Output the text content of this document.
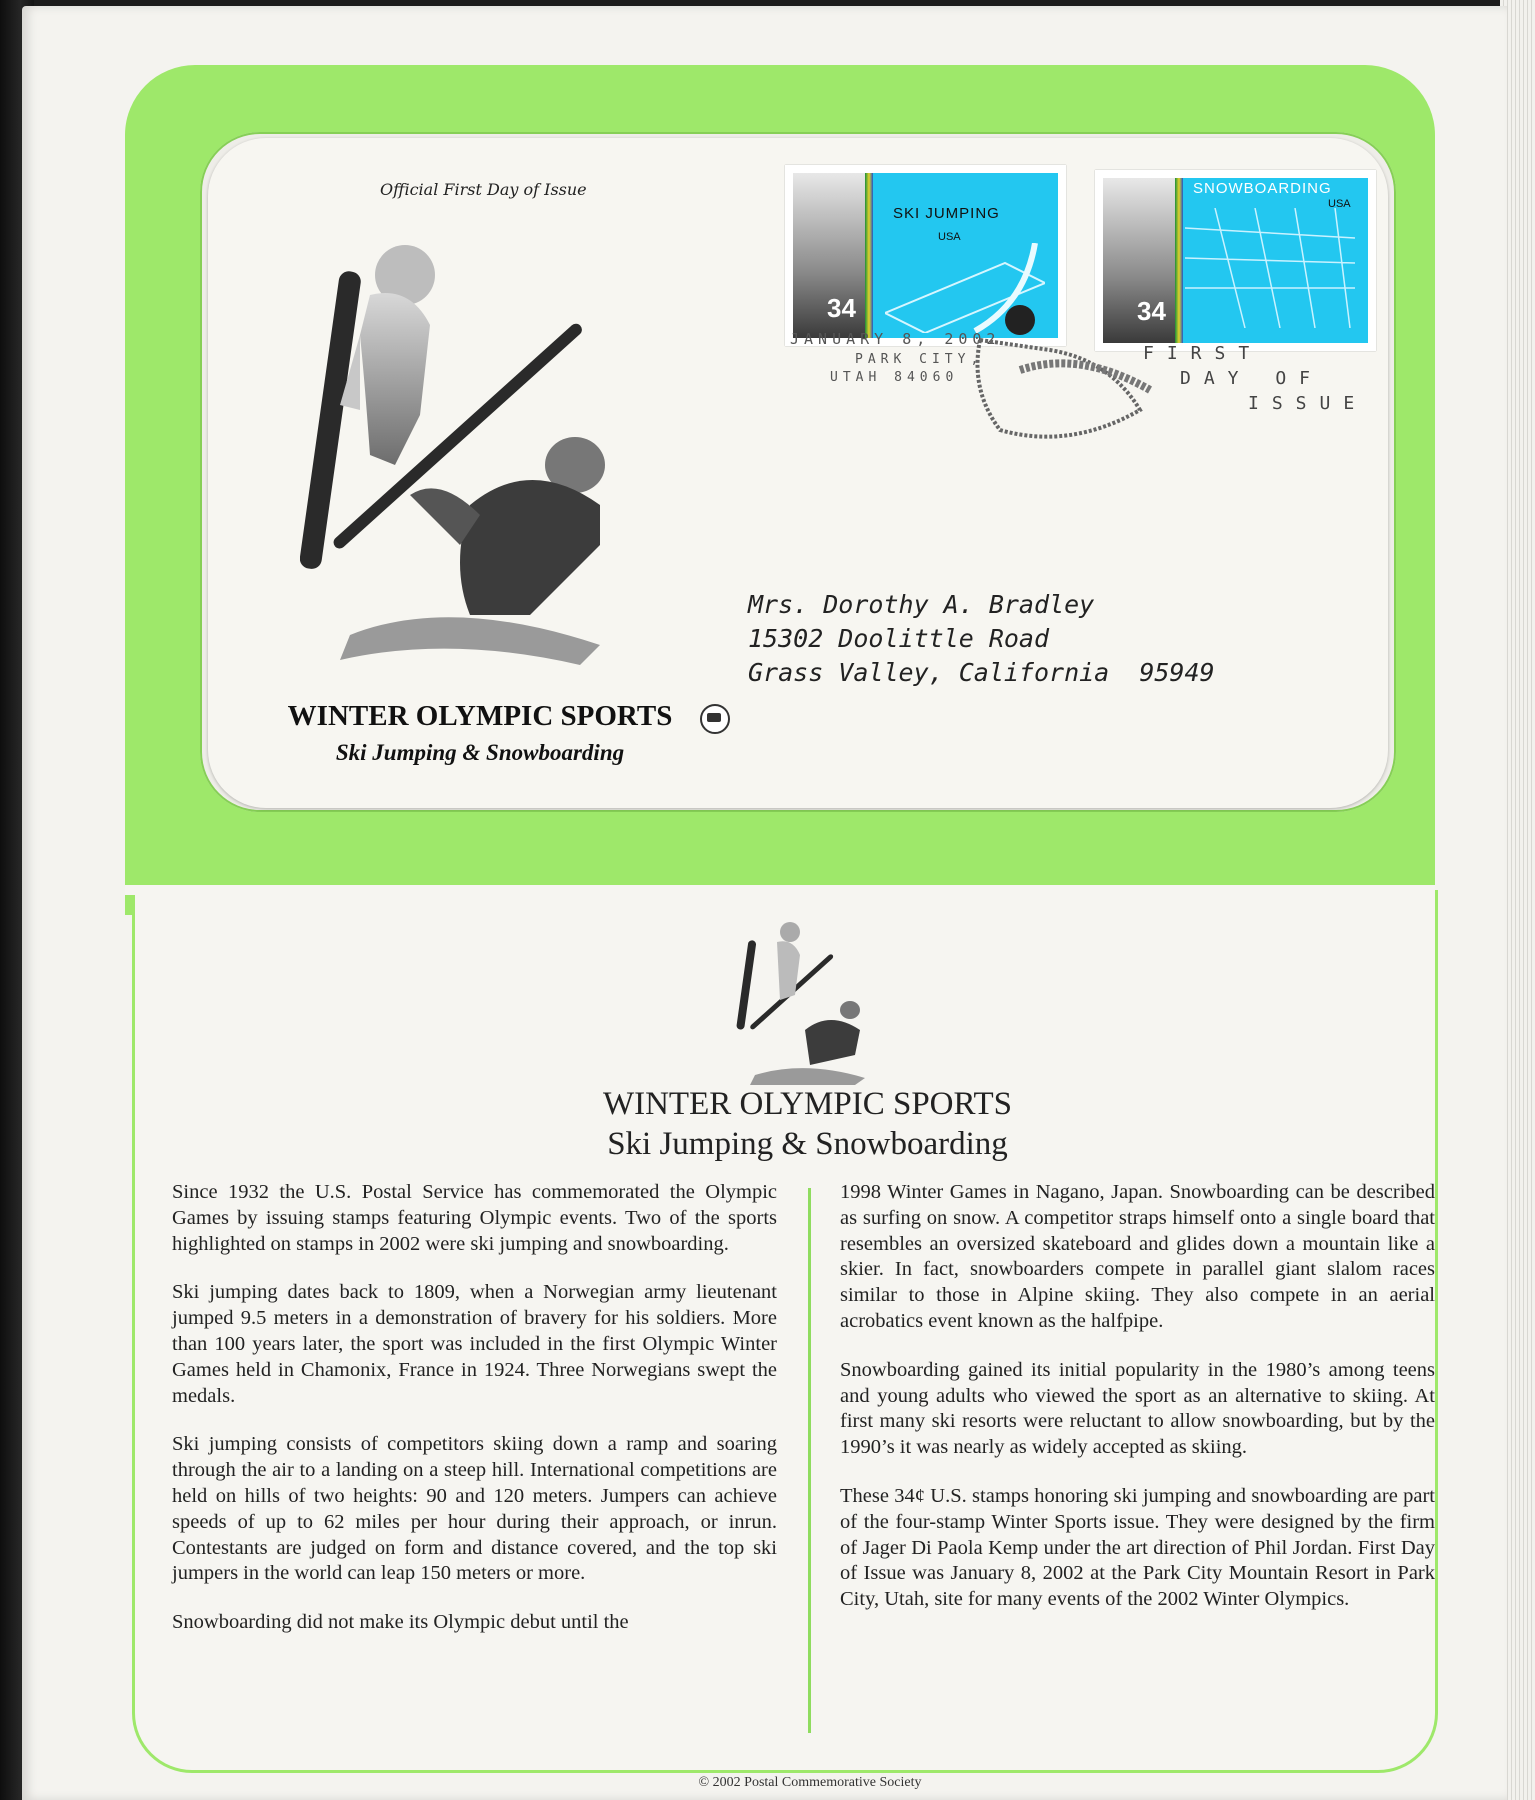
Official First Day of Issue
WINTER OLYMPIC SPORTS
Ski Jumping & Snowboarding
SKI JUMPING
USA
34
SNOWBOARDING
USA
34
JANUARY 8, 2002
PARK CITY,
UTAH 84060
FIRST
DAY OF
ISSUE
Mrs. Dorothy A. Bradley
15302 Doolittle Road
Grass Valley, California  95949
WINTER OLYMPIC SPORTS
Ski Jumping & Snowboarding

Since 1932 the U.S. Postal Service has commemorated the Olympic Games by issuing stamps featuring Olympic events. Two of the sports highlighted on stamps in 2002 were ski jumping and snowboarding.

Ski jumping dates back to 1809, when a Norwegian army lieutenant jumped 9.5 meters in a demonstration of bravery for his soldiers. More than 100 years later, the sport was included in the first Olympic Winter Games held in Chamonix, France in 1924. Three Norwegians swept the medals.

Ski jumping consists of competitors skiing down a ramp and soaring through the air to a landing on a steep hill. International competitions are held on hills of two heights: 90 and 120 meters. Jumpers can achieve speeds of up to 62 miles per hour during their approach, or inrun. Contestants are judged on form and distance covered, and the top ski jumpers in the world can leap 150 meters or more.

Snowboarding did not make its Olympic debut until the

1998 Winter Games in Nagano, Japan. Snowboarding can be described as surfing on snow. A competitor straps himself onto a single board that resembles an oversized skateboard and glides down a mountain like a skier. In fact, snowboarders compete in parallel giant slalom races similar to those in Alpine skiing. They also compete in an aerial acrobatics event known as the halfpipe.

Snowboarding gained its initial popularity in the 1980’s among teens and young adults who viewed the sport as an alternative to skiing. At first many ski resorts were reluctant to allow snowboarding, but by the 1990’s it was nearly as widely accepted as skiing.

These 34¢ U.S. stamps honoring ski jumping and snowboarding are part of the four-stamp Winter Sports issue. They were designed by the firm of Jager Di Paola Kemp under the art direction of Phil Jordan. First Day of Issue was January 8, 2002 at the Park City Mountain Resort in Park City, Utah, site for many events of the 2002 Winter Olympics.

© 2002 Postal Commemorative Society
